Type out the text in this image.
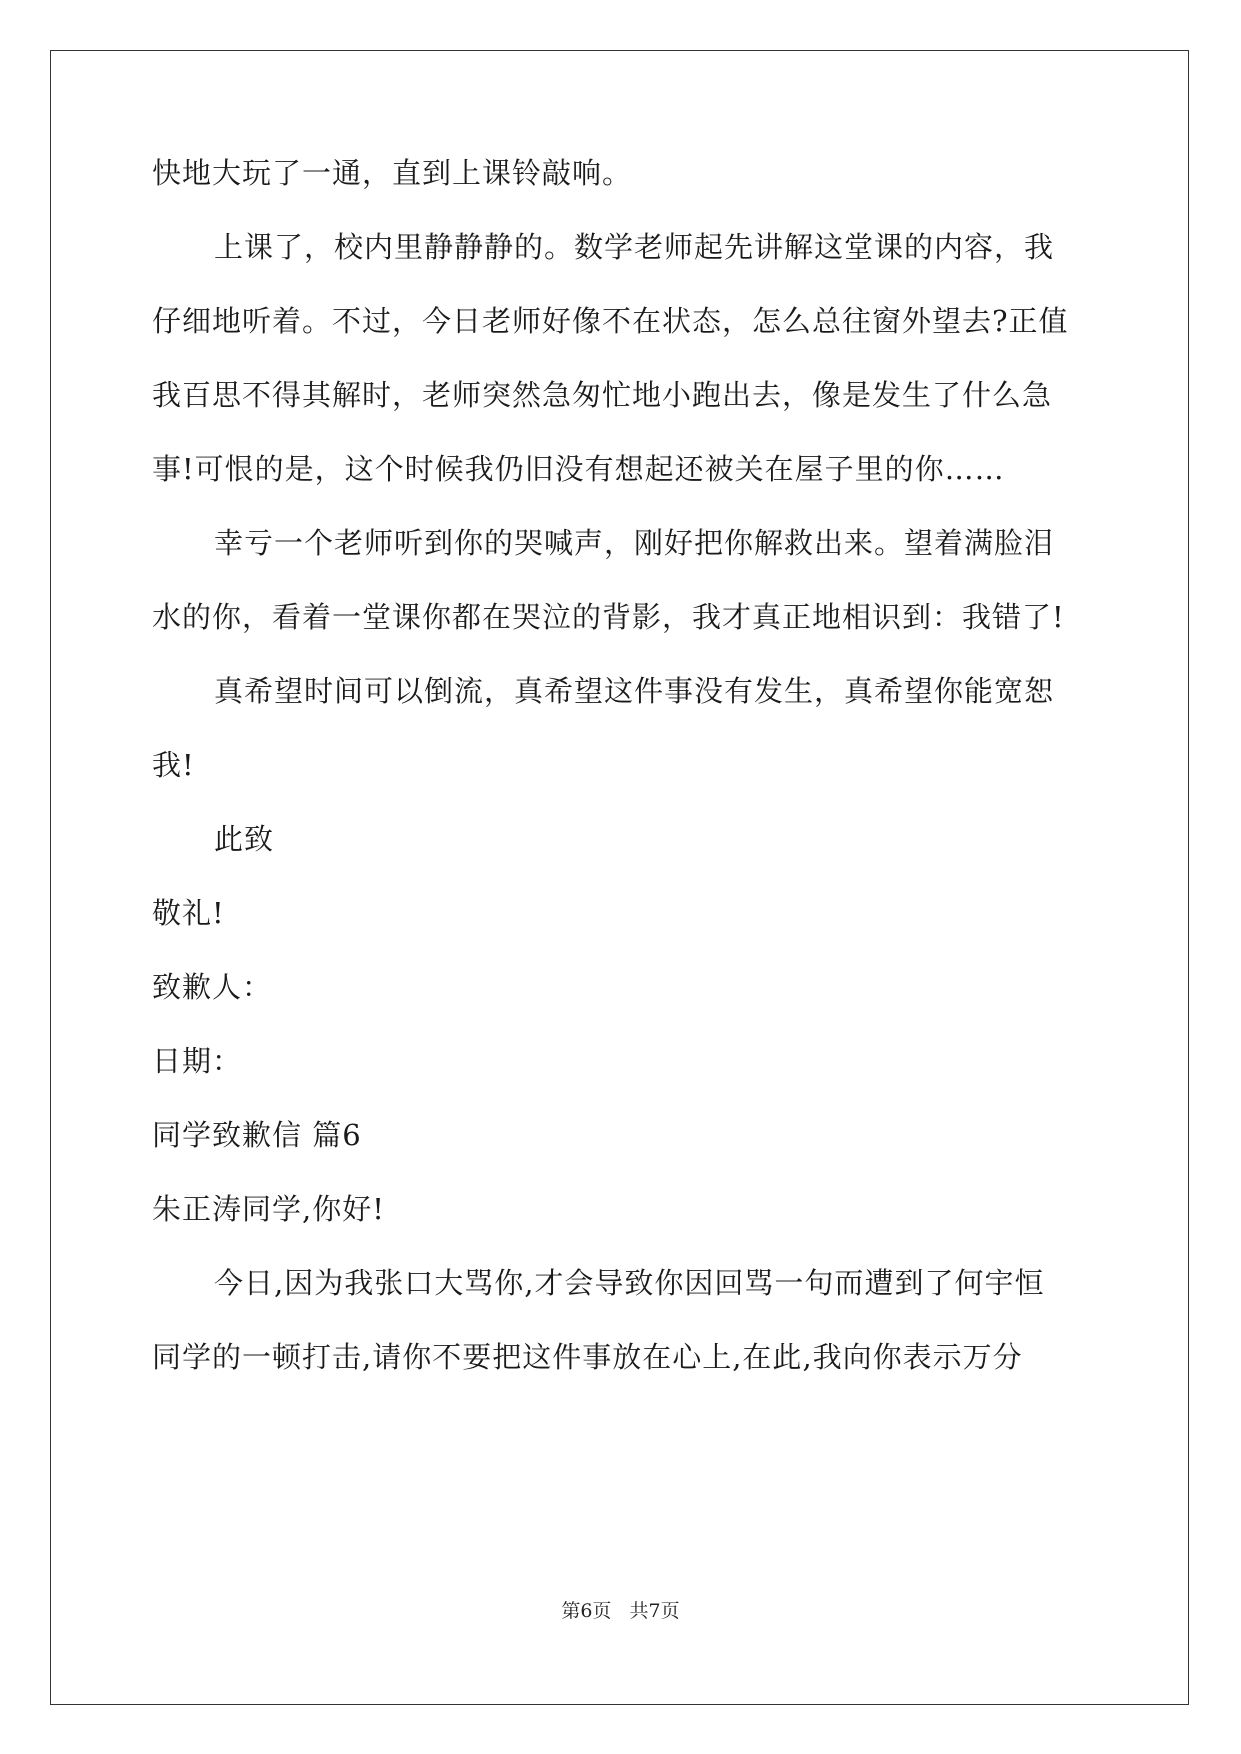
快地大玩了一通，直到上课铃敲响。
上课了，校内里静静静的。数学老师起先讲解这堂课的内容，我
仔细地听着。不过，今日老师好像不在状态，怎么总往窗外望去?正值
我百思不得其解时，老师突然急匆忙地小跑出去，像是发生了什么急
事!可恨的是，这个时候我仍旧没有想起还被关在屋子里的你……
幸亏一个老师听到你的哭喊声，刚好把你解救出来。望着满脸泪
水的你，看着一堂课你都在哭泣的背影，我才真正地相识到：我错了!
真希望时间可以倒流，真希望这件事没有发生，真希望你能宽恕
我!
此致
敬礼!
致歉人：
日期：
同学致歉信 篇6
朱正涛同学,你好!
今日,因为我张口大骂你,才会导致你因回骂一句而遭到了何宇恒
同学的一顿打击,请你不要把这件事放在心上,在此,我向你表示万分
第6页   共7页
